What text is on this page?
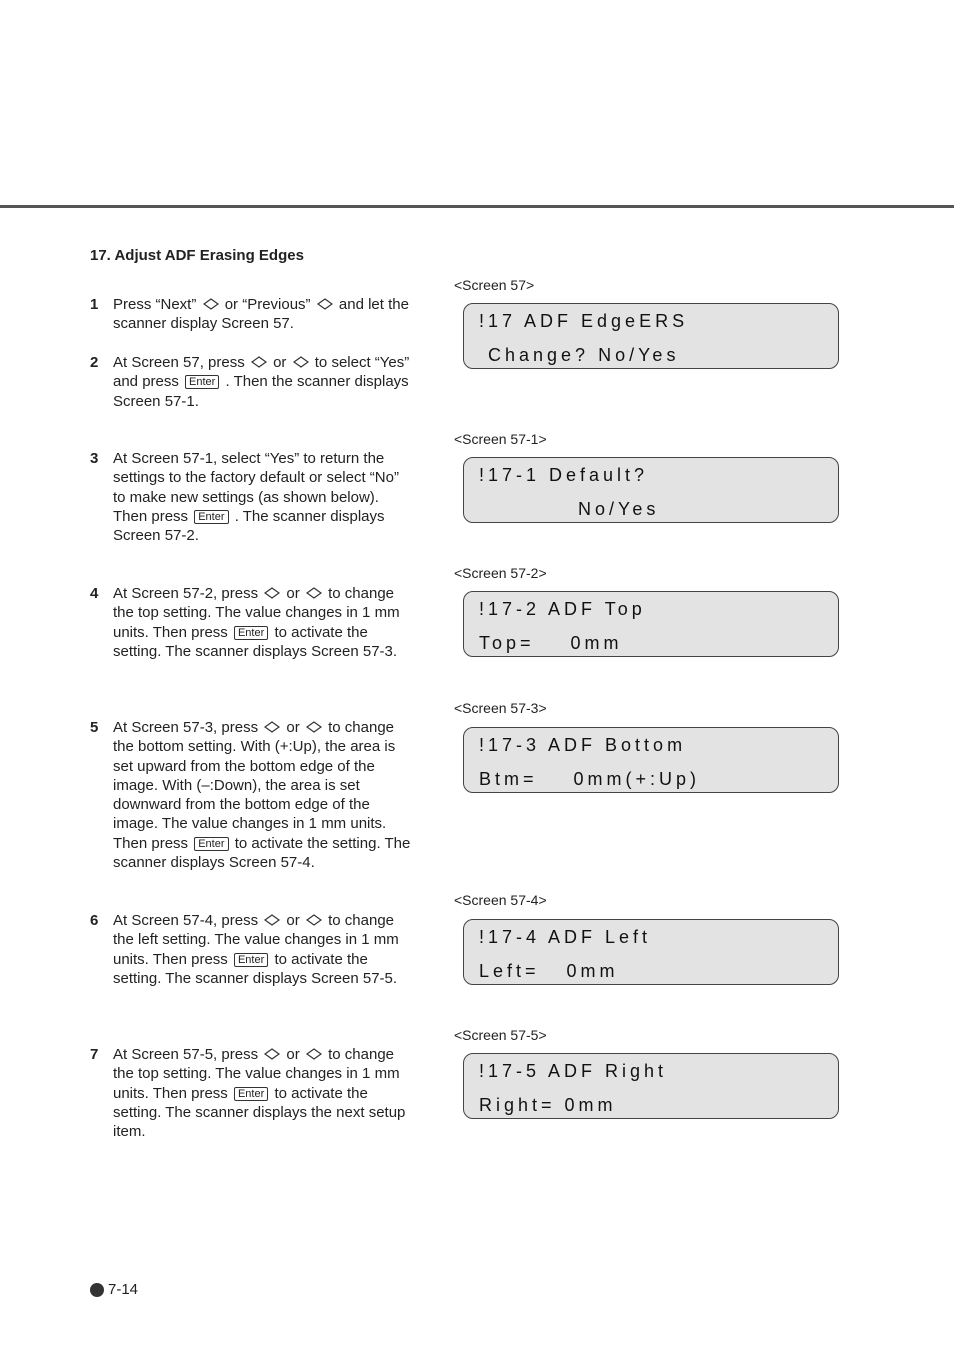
17. Adjust ADF Erasing Edges
1 Press “Next” or “Previous” and let the scanner display Screen 57.
2 At Screen 57, press or to select “Yes” and press Enter . Then the scanner displays Screen 57-1.
3 At Screen 57-1, select “Yes” to return the settings to the factory default or select “No” to make new settings (as shown below). Then press Enter . The scanner displays Screen 57-2.
4 At Screen 57-2, press or to change the top setting. The value changes in 1 mm units. Then press Enter to activate the setting. The scanner displays Screen 57-3.
5 At Screen 57-3, press or to change the bottom setting. With (+:Up), the area is set upward from the bottom edge of the image. With (–:Down), the area is set downward from the bottom edge of the image. The value changes in 1 mm units. Then press Enter to activate the setting. The scanner displays Screen 57-4.
6 At Screen 57-4, press or to change the left setting. The value changes in 1 mm units. Then press Enter to activate the setting. The scanner displays Screen 57-5.
7 At Screen 57-5, press or to change the top setting. The value changes in 1 mm units. Then press Enter to activate the setting. The scanner displays the next setup item.
<Screen 57>
!17 ADF EdgeERS
Change? No/Yes
<Screen 57-1>
!17-1 Default?
No/Yes
<Screen 57-2>
!17-2 ADF Top
Top=    0mm
<Screen 57-3>
!17-3 ADF Bottom
Btm=    0mm(+:Up)
<Screen 57-4>
!17-4 ADF Left
Left=   0mm
<Screen 57-5>
!17-5 ADF Right
Right= 0mm
7-14
